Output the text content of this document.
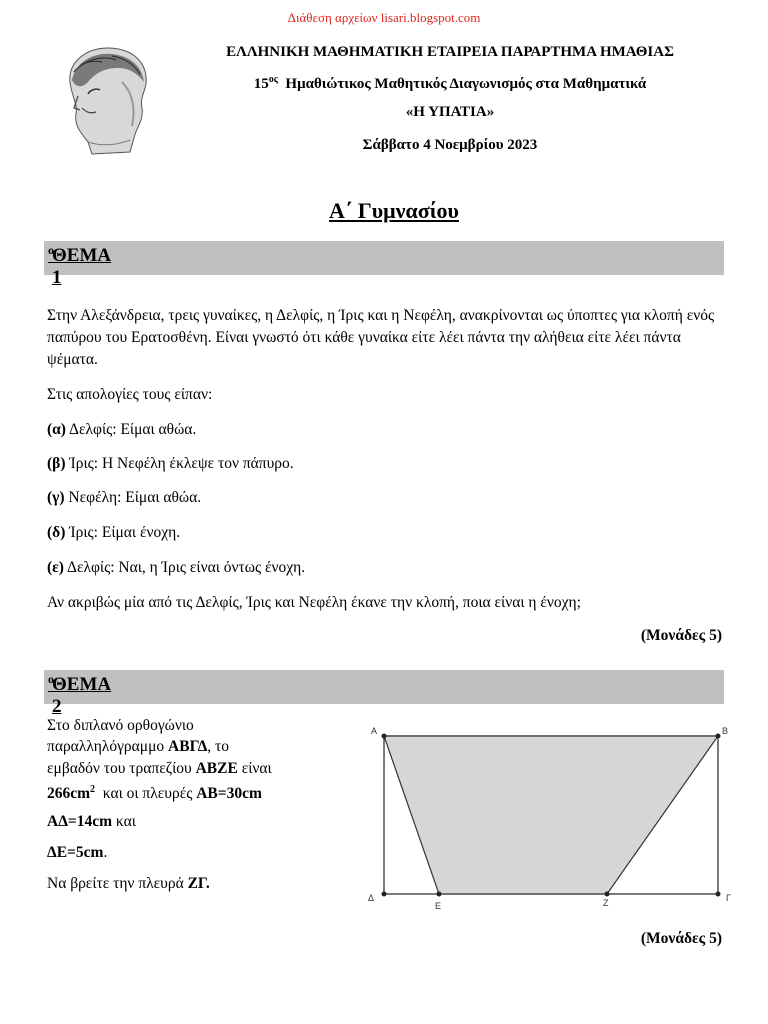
Διάθεση αρχείων lisari.blogspot.com
ΕΛΛΗΝΙΚΗ ΜΑΘΗΜΑΤΙΚΗ ΕΤΑΙΡΕΙΑ ΠΑΡΑΡΤΗΜΑ ΗΜΑΘΙΑΣ
$15^{o\varsigma}$ Ημαθιώτικος Μαθητικός Διαγωνισμός στα Μαθηματικά
«Η ΥΠΑΤΙΑ»
Σάββατο 4 Νοεμβρίου 2023
Α΄ Γυμνασίου
ΘΕΜΑ 1
$^o$
Στην Αλεξάνδρεια, τρεις γυναίκες, η Δελφίς, η Ίρις και η Νεφέλη, ανακρίνονται ως ύποπτες για κλοπή ενός παπύρου του Ερατοσθένη. Είναι γνωστό ότι κάθε γυναίκα είτε λέει πάντα την αλήθεια είτε λέει πάντα ψέματα.
Στις απολογίες τους είπαν:
(α) Δελφίς: Είμαι αθώα.
(β) Ίρις: Η Νεφέλη έκλεψε τον πάπυρο.
(γ) Νεφέλη: Είμαι αθώα.
(δ) Ίρις: Είμαι ένοχη.
(ε) Δελφίς: Ναι, η Ίρις είναι όντως ένοχη.
Αν ακριβώς μία από τις Δελφίς, Ίρις και Νεφέλη έκανε την κλοπή, ποια είναι η ένοχη;
(Μονάδες 5)
ΘΕΜΑ 2
$^o$
Στο διπλανό ορθογώνιο
παραλληλόγραμμο ΑΒΓΔ, το
εμβαδόν του τραπεζίου ΑΒΖΕ είναι
$266cm^2$  και οι πλευρές ΑΒ=30cm
ΑΔ=14cm και
ΔΕ=5cm.
Να βρείτε την πλευρά ΖΓ.
A	B
Γ
Δ
E	Z
(Μονάδες 5)
